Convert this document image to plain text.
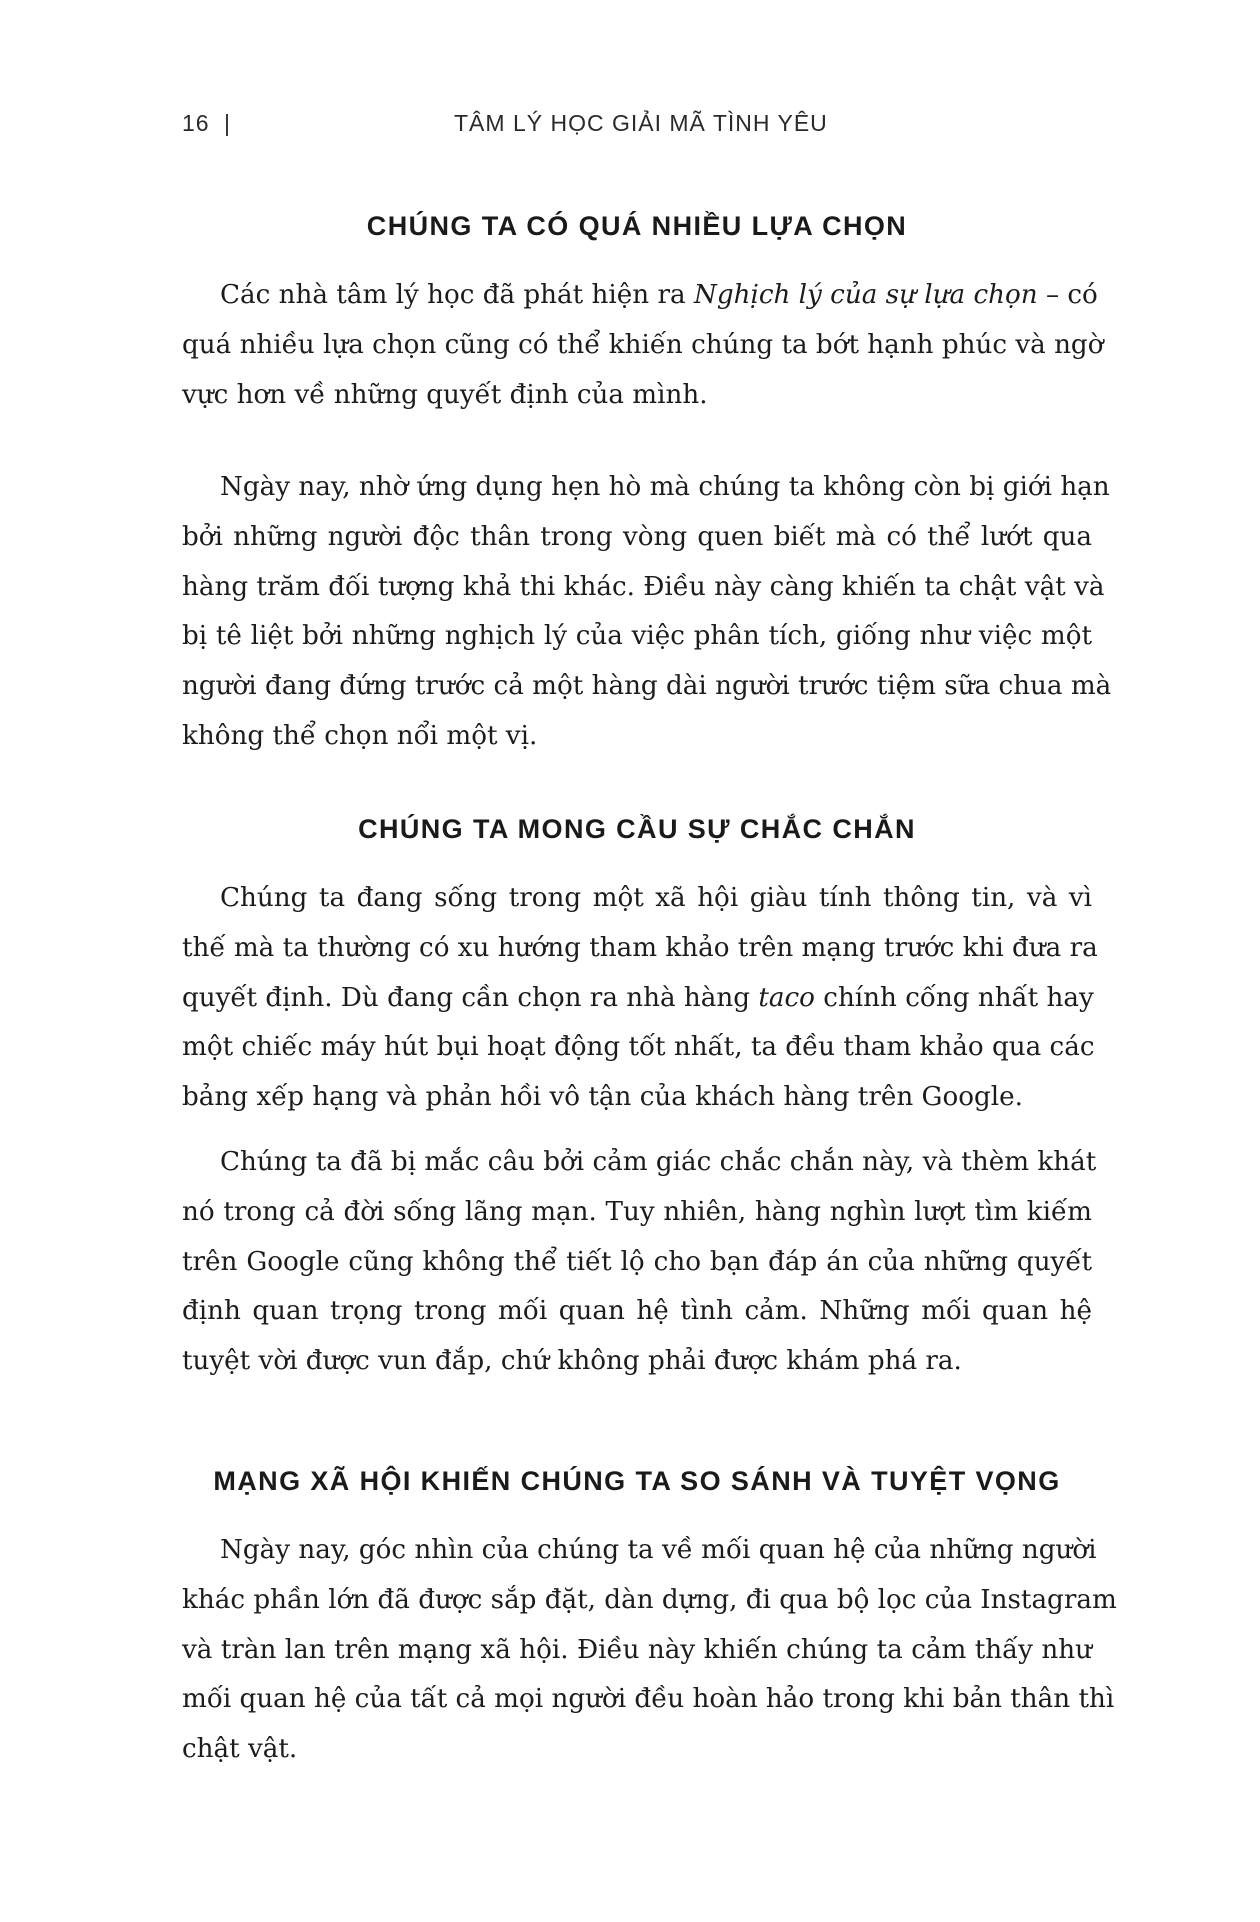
16 |	TÂM LÝ HỌC GIẢI MÃ TÌNH YÊU
CHÚNG TA CÓ QUÁ NHIỀU LỰA CHỌN

Các nhà tâm lý học đã phát hiện ra Nghịch lý của sự lựa chọn – có
quá nhiều lựa chọn cũng có thể khiến chúng ta bớt hạnh phúc và ngờ
vực hơn về những quyết định của mình.

Ngày nay, nhờ ứng dụng hẹn hò mà chúng ta không còn bị giới hạn
bởi những người độc thân trong vòng quen biết mà có thể lướt qua
hàng trăm đối tượng khả thi khác. Điều này càng khiến ta chật vật và
bị tê liệt bởi những nghịch lý của việc phân tích, giống như việc một
người đang đứng trước cả một hàng dài người trước tiệm sữa chua mà
không thể chọn nổi một vị.

CHÚNG TA MONG CẦU SỰ CHẮC CHẮN

Chúng ta đang sống trong một xã hội giàu tính thông tin, và vì
thế mà ta thường có xu hướng tham khảo trên mạng trước khi đưa ra
quyết định. Dù đang cần chọn ra nhà hàng taco chính cống nhất hay
một chiếc máy hút bụi hoạt động tốt nhất, ta đều tham khảo qua các
bảng xếp hạng và phản hồi vô tận của khách hàng trên Google.

Chúng ta đã bị mắc câu bởi cảm giác chắc chắn này, và thèm khát
nó trong cả đời sống lãng mạn. Tuy nhiên, hàng nghìn lượt tìm kiếm
trên Google cũng không thể tiết lộ cho bạn đáp án của những quyết
định quan trọng trong mối quan hệ tình cảm. Những mối quan hệ
tuyệt vời được vun đắp, chứ không phải được khám phá ra.

MẠNG XÃ HỘI KHIẾN CHÚNG TA SO SÁNH VÀ TUYỆT VỌNG

Ngày nay, góc nhìn của chúng ta về mối quan hệ của những người
khác phần lớn đã được sắp đặt, dàn dựng, đi qua bộ lọc của Instagram
và tràn lan trên mạng xã hội. Điều này khiến chúng ta cảm thấy như
mối quan hệ của tất cả mọi người đều hoàn hảo trong khi bản thân thì
chật vật.
